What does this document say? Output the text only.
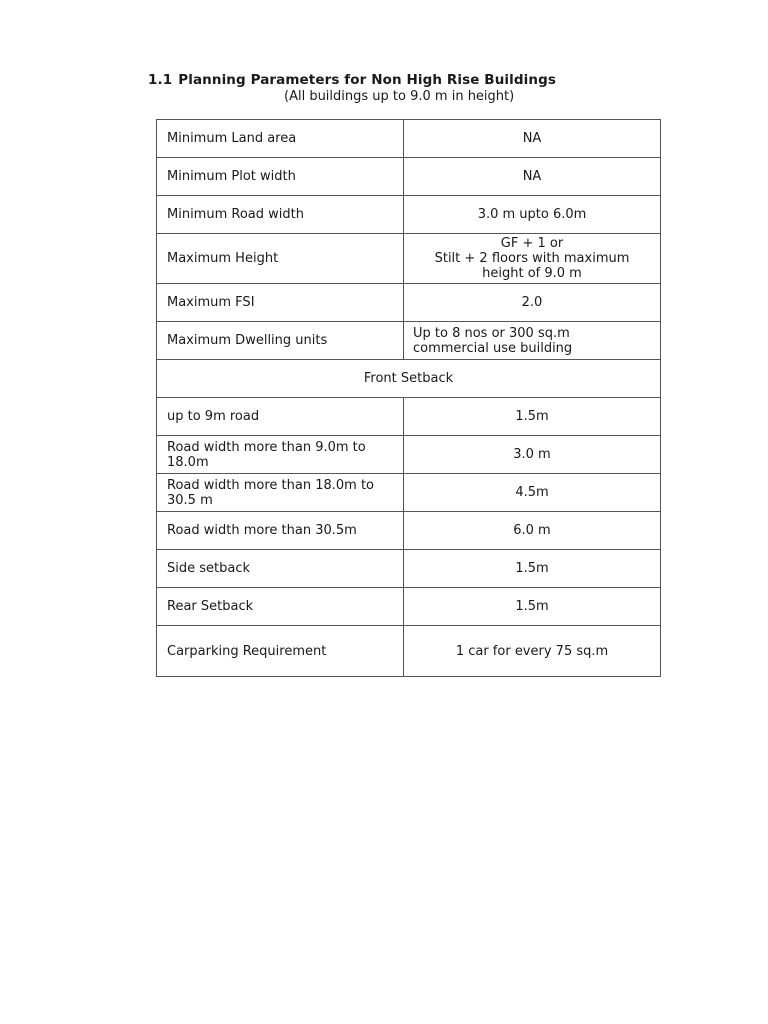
1.1 Planning Parameters for Non High Rise Buildings
(All buildings up to 9.0 m in height)
Minimum Land area	NA
Minimum Plot width	NA
Minimum Road width	3.0 m upto 6.0m
Maximum Height	GF + 1 or
Stilt + 2 floors with maximum
height of 9.0 m

Maximum FSI	2.0
Maximum Dwelling units	Up to 8 nos or 300 sq.m
commercial use building

Front Setback	
up to 9m road	1.5m

Road width more than 9.0m to
18.0m	3.0 m

Road width more than 18.0m to
30.5 m	4.5m
Road width more than 30.5m	6.0 m
Side setback	1.5m
Rear Setback	1.5m
Carparking Requirement	1 car for every 75 sq.m
